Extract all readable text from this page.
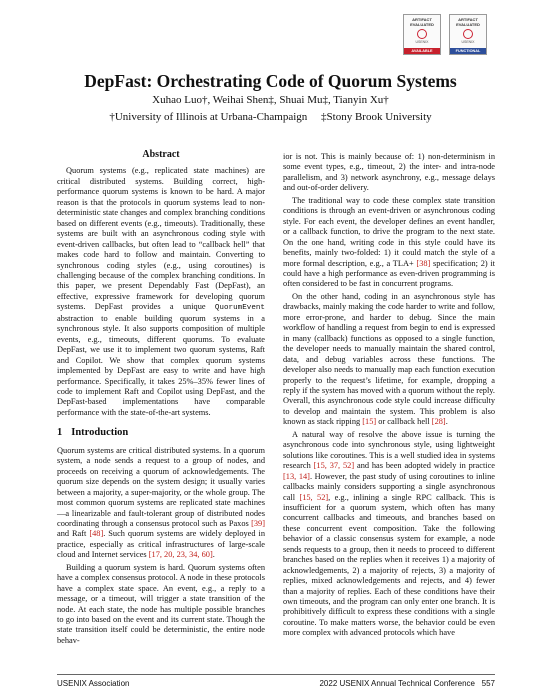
ARTIFACT
EVALUATED
USENIX
AVAILABLE
ARTIFACT
EVALUATED
USENIX
FUNCTIONAL
DepFast: Orchestrating Code of Quorum Systems
Xuhao Luo†, Weihai Shen‡, Shuai Mu‡, Tianyin Xu†
†University of Illinois at Urbana-Champaign     ‡Stony Brook University
Abstract

Quorum systems (e.g., replicated state machines) are critical distributed systems. Building correct, high-performance quorum systems is known to be hard. A major reason is that the protocols in quorum systems lead to non-deterministic state changes and complex branching conditions based on different events (e.g., timeouts). Traditionally, these systems are built with an asynchronous coding style with event-driven callbacks, but often lead to “callback hell” that makes code hard to follow and maintain. Converting to synchronous coding styles (e.g., using coroutines) is challenging because of the complex branching conditions. In this paper, we present Dependably Fast (DepFast), an effective, expressive framework for developing quorum systems. DepFast provides a unique QuorumEvent abstraction to enable building quorum systems in a synchronous style. It also supports composition of multiple events, e.g., timeouts, different quorums. To evaluate DepFast, we use it to implement two quorum systems, Raft and Copilot. We show that complex quorum systems implemented by DepFast are easy to write and have high performance. Specifically, it takes 25%–35% fewer lines of code to implement Raft and Copilot using DepFast, and the DepFast-based implementations have comparable performance with the state-of-the-art systems.

1 Introduction

Quorum systems are critical distributed systems. In a quorum system, a node sends a request to a group of nodes, and proceeds on receiving a quorum of acknowledgements. The quorum size depends on the system design; it usually varies between a majority, a super-majority, or the whole group. The most common quorum systems are replicated state machines—a linearizable and fault-tolerant group of distributed nodes coordinating through a consensus protocol such as Paxos [39] and Raft [48]. Such quorum systems are widely deployed in practice, especially as critical infrastructures of large-scale cloud and Internet services [17, 20, 23, 34, 60].

Building a quorum system is hard. Quorum systems often have a complex consensus protocol. A node in these protocols have a complex state space. An event, e.g., a reply to a message, or a timeout, will trigger a state transition of the node. At each state, the node has multiple possible branches to go into based on the event and its current state. Though the state transition itself could be deterministic, the entire node behav-

ior is not. This is mainly because of: 1) non-determinism in some event types, e.g., timeout, 2) the inter- and intra-node parallelism, and 3) network asynchrony, e.g., message delays and out-of-order delivery.

The traditional way to code these complex state transition conditions is through an event-driven or asynchronous coding style. For each event, the developer defines an event handler, or a callback function, to drive the program to the next state. On the one hand, writing code in this style could have its benefits, mainly two-folded: 1) it could match the style of a more formal description, e.g., a TLA+ [38] specification; 2) it could have a high performance as even-driven programming is often considered to be fast in concurrent programs.

On the other hand, coding in an asynchronous style has drawbacks, mainly making the code harder to write and follow, more error-prone, and harder to debug. Since the main workflow of handling a request from begin to end is expressed in many (callback) functions as opposed to a single function, the developer needs to manually maintain the shared control, data, and debug variables across these functions. The developer also needs to manually map each function execution properly to the request’s lifetime, for example, dropping a reply if the system has moved with a quorum without the reply. Overall, this asynchronous code style could increase difficulty to develop and maintain the system. This problem is also known as stack ripping [15] or callback hell [28].

A natural way of resolve the above issue is turning the asynchronous code into synchronous style, using lightweight solutions like coroutines. This is a well studied idea in systems research [15, 37, 52] and has been adopted widely in practice [13, 14]. However, the past study of using coroutines to inline callbacks mainly considers supporting a single asynchronous call [15, 52], e.g., inlining a single RPC callback. This is insufficient for a quorum system, which often has many concurrent callbacks and timeouts, and branches based on these concurrent event composition. Take the following behavior of a classic consensus system for example, a node sends requests to a group, then it needs to proceed to different branches based on the replies when it receives 1) a majority of acknowledgements, 2) a majority of rejects, 3) a majority of replies, mixed acknowledgements and rejects, and 4) fewer than a majority of replies. Each of these conditions have their own timeouts, and the program can only enter one branch. It is prohibitively difficult to express these conditions with a single coroutine. To make matters worse, the behavior could be even more complex with advanced protocols which have

USENIX Association	2022 USENIX Annual Technical Conference   557
